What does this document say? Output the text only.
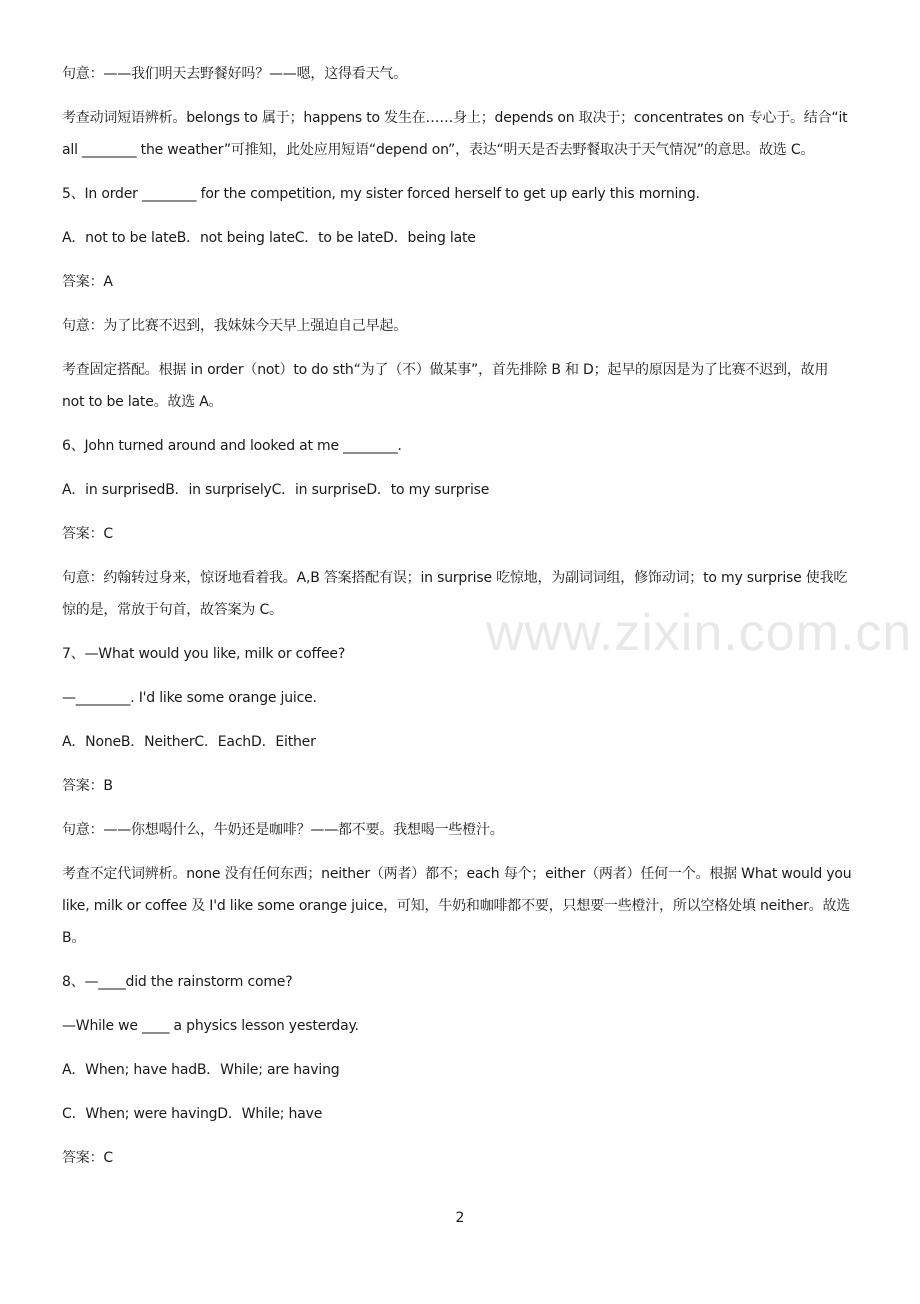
句意：——我们明天去野餐好吗？——嗯，这得看天气。

考查动词短语辨析。belongs to 属于；happens to 发生在……身上；depends on 取决于；concentrates on 专心于。结合“it all ________ the weather”可推知，此处应用短语“depend on”，表达“明天是否去野餐取决于天气情况”的意思。故选 C。

5、In order ________ for the competition, my sister forced herself to get up early this morning.

A．not to be lateB．not being lateC．to be lateD．being late

答案：A

句意：为了比赛不迟到，我妹妹今天早上强迫自己早起。

考查固定搭配。根据 in order（not）to do sth“为了（不）做某事”，首先排除 B 和 D；起早的原因是为了比赛不迟到，故用 not to be late。故选 A。

6、John turned around and looked at me ________．

A．in surprisedB．in surpriselyC．in surpriseD．to my surprise

答案：C

句意：约翰转过身来，惊讶地看着我。A,B 答案搭配有误；in surprise 吃惊地，为副词词组，修饰动词；to my surprise 使我吃惊的是，常放于句首，故答案为 C。

7、—What would you like, milk or coffee?

—________. I'd like some orange juice.

A．NoneB．NeitherC．EachD．Either

答案：B

句意：——你想喝什么，牛奶还是咖啡？——都不要。我想喝一些橙汁。

考查不定代词辨析。none 没有任何东西；neither（两者）都不；each 每个；either（两者）任何一个。根据 What would you like, milk or coffee 及 I'd like some orange juice，可知，牛奶和咖啡都不要，只想要一些橙汁，所以空格处填 neither。故选 B。

8、—____did the rainstorm come?

—While we ____ a physics lesson yesterday.

A．When; have hadB．While; are having

C．When; were havingD．While; have

答案：C

www.zixin.com.cn
2
